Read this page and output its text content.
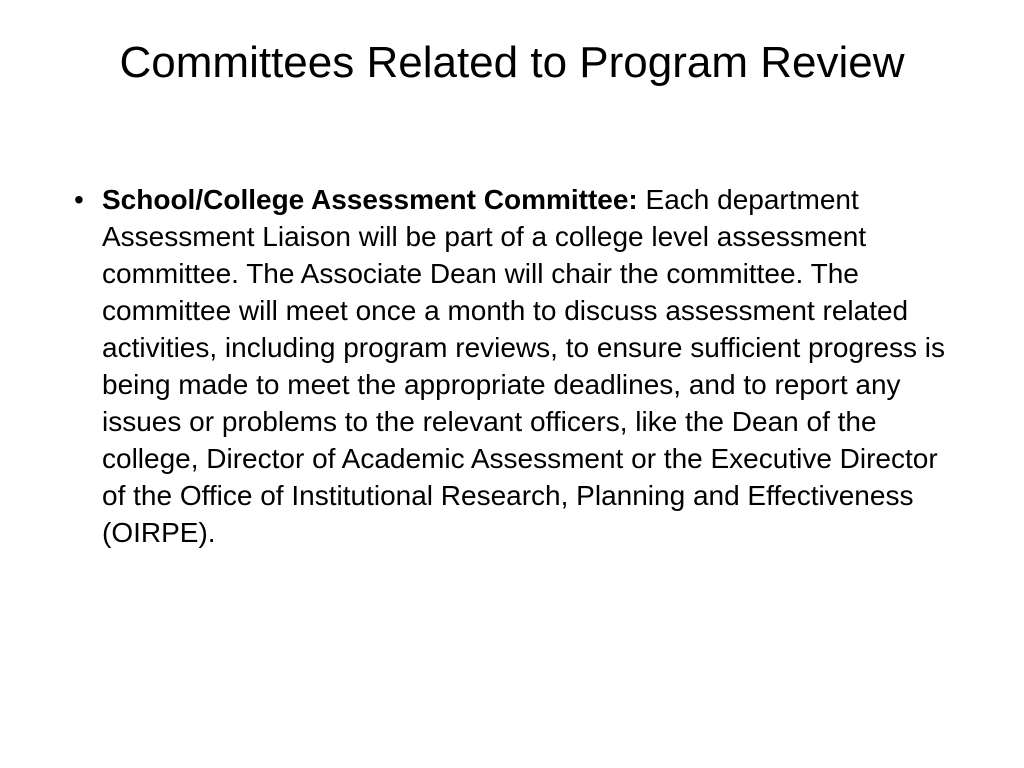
Committees Related to Program Review
• School/College Assessment Committee: Each department Assessment Liaison will be part of a college level assessment committee. The Associate Dean will chair the committee. The committee will meet once a month to discuss assessment related activities, including program reviews, to ensure sufficient progress is being made to meet the appropriate deadlines, and to report any issues or problems to the relevant officers, like the Dean of the college, Director of Academic Assessment or the Executive Director of the Office of Institutional Research, Planning and Effectiveness (OIRPE).
